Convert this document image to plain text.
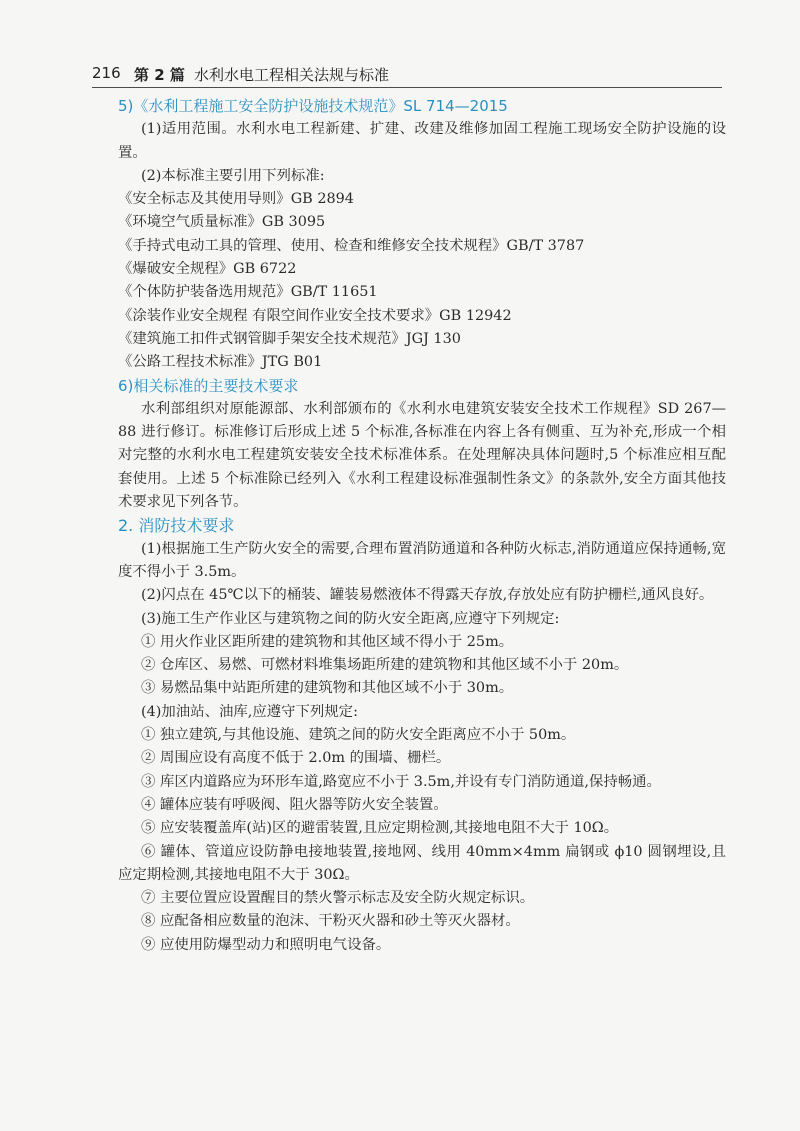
216 第 2 篇 水利水电工程相关法规与标准

5)《水利工程施工安全防护设施技术规范》SL 714—2015

(1)适用范围。水利水电工程新建、扩建、改建及维修加固工程施工现场安全防护设施的设置。

(2)本标准主要引用下列标准:

《安全标志及其使用导则》GB 2894

《环境空气质量标准》GB 3095

《手持式电动工具的管理、使用、检查和维修安全技术规程》GB/T 3787

《爆破安全规程》GB 6722

《个体防护装备选用规范》GB/T 11651

《涂装作业安全规程 有限空间作业安全技术要求》GB 12942

《建筑施工扣件式钢管脚手架安全技术规范》JGJ 130

《公路工程技术标准》JTG B01

6)相关标准的主要技术要求

水利部组织对原能源部、水利部颁布的《水利水电建筑安装安全技术工作规程》SD 267—88 进行修订。标准修订后形成上述 5 个标准,各标准在内容上各有侧重、互为补充,形成一个相对完整的水利水电工程建筑安装安全技术标准体系。在处理解决具体问题时,5 个标准应相互配套使用。上述 5 个标准除已经列入《水利工程建设标准强制性条文》的条款外,安全方面其他技术要求见下列各节。

2. 消防技术要求

(1)根据施工生产防火安全的需要,合理布置消防通道和各种防火标志,消防通道应保持通畅,宽度不得小于 3.5m。

(2)闪点在 45℃以下的桶装、罐装易燃液体不得露天存放,存放处应有防护栅栏,通风良好。

(3)施工生产作业区与建筑物之间的防火安全距离,应遵守下列规定:

① 用火作业区距所建的建筑物和其他区域不得小于 25m。

② 仓库区、易燃、可燃材料堆集场距所建的建筑物和其他区域不小于 20m。

③ 易燃品集中站距所建的建筑物和其他区域不小于 30m。

(4)加油站、油库,应遵守下列规定:

① 独立建筑,与其他设施、建筑之间的防火安全距离应不小于 50m。

② 周围应设有高度不低于 2.0m 的围墙、栅栏。

③ 库区内道路应为环形车道,路宽应不小于 3.5m,并设有专门消防通道,保持畅通。

④ 罐体应装有呼吸阀、阻火器等防火安全装置。

⑤ 应安装覆盖库(站)区的避雷装置,且应定期检测,其接地电阻不大于 10Ω。

⑥ 罐体、管道应设防静电接地装置,接地网、线用 40mm×4mm 扁钢或 ϕ10 圆钢埋设,且应定期检测,其接地电阻不大于 30Ω。

⑦ 主要位置应设置醒目的禁火警示标志及安全防火规定标识。

⑧ 应配备相应数量的泡沫、干粉灭火器和砂土等灭火器材。

⑨ 应使用防爆型动力和照明电气设备。
